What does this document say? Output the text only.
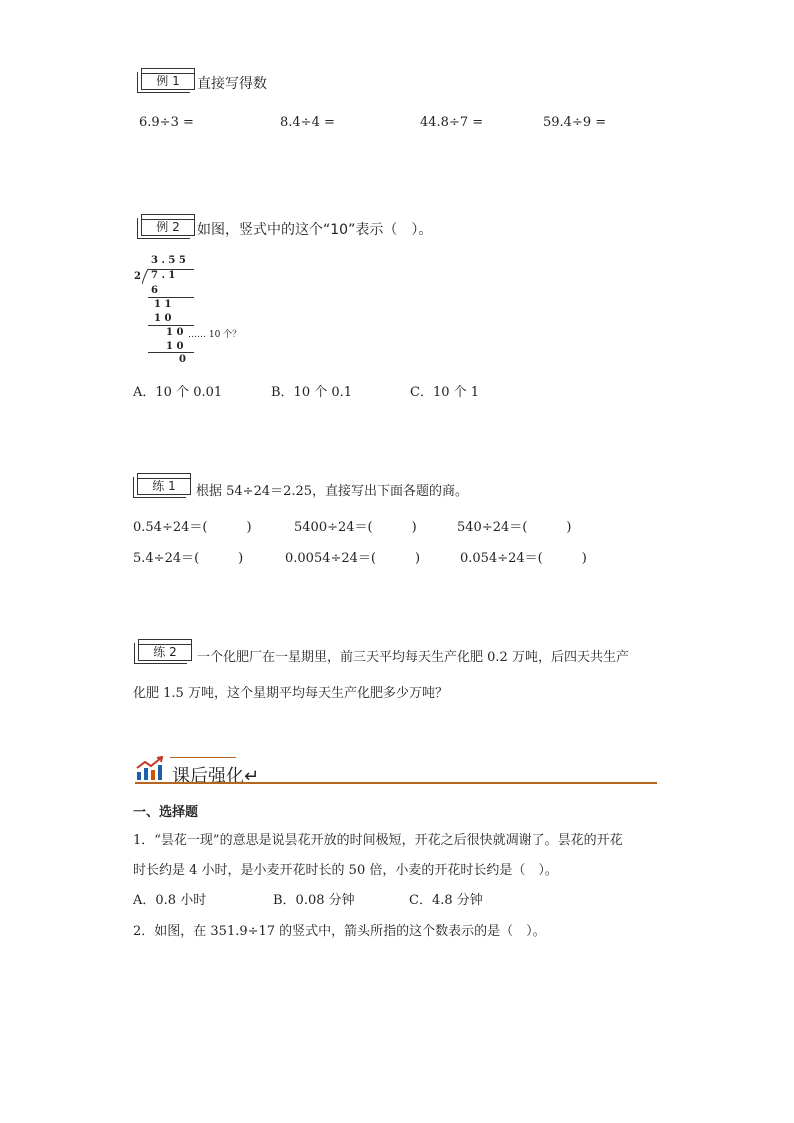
例 1	直接写得数
6.9÷3 =	8.4÷4 =	44.8÷7 =	59.4÷9 =
例 2	如图，竖式中的这个“10”表示（　）。
3 . 5 5
2 7 . 1
6
1 1
1 0
1 0 …… 10 个？
1 0
0
A．10 个 0.01	B．10 个 0.1	C．10 个 1
练 1	根据 54÷24＝2.25，直接写出下面各题的商。
0.54÷24＝(　　　)	5400÷24＝(　　　)	540÷24＝(　　　)
5.4÷24＝(　　　)	0.0054÷24＝(　　　)	0.054÷24＝(　　　)
练 2	一个化肥厂在一星期里，前三天平均每天生产化肥 0.2 万吨，后四天共生产
化肥 1.5 万吨，这个星期平均每天生产化肥多少万吨？
课后强化↵
一、选择题
1．“昙花一现”的意思是说昙花开放的时间极短，开花之后很快就凋谢了。昙花的开花
时长约是 4 小时，是小麦开花时长的 50 倍，小麦的开花时长约是（　）。
A．0.8 小时	B．0.08 分钟	C．4.8 分钟
2．如图，在 351.9÷17 的竖式中，箭头所指的这个数表示的是（　）。
